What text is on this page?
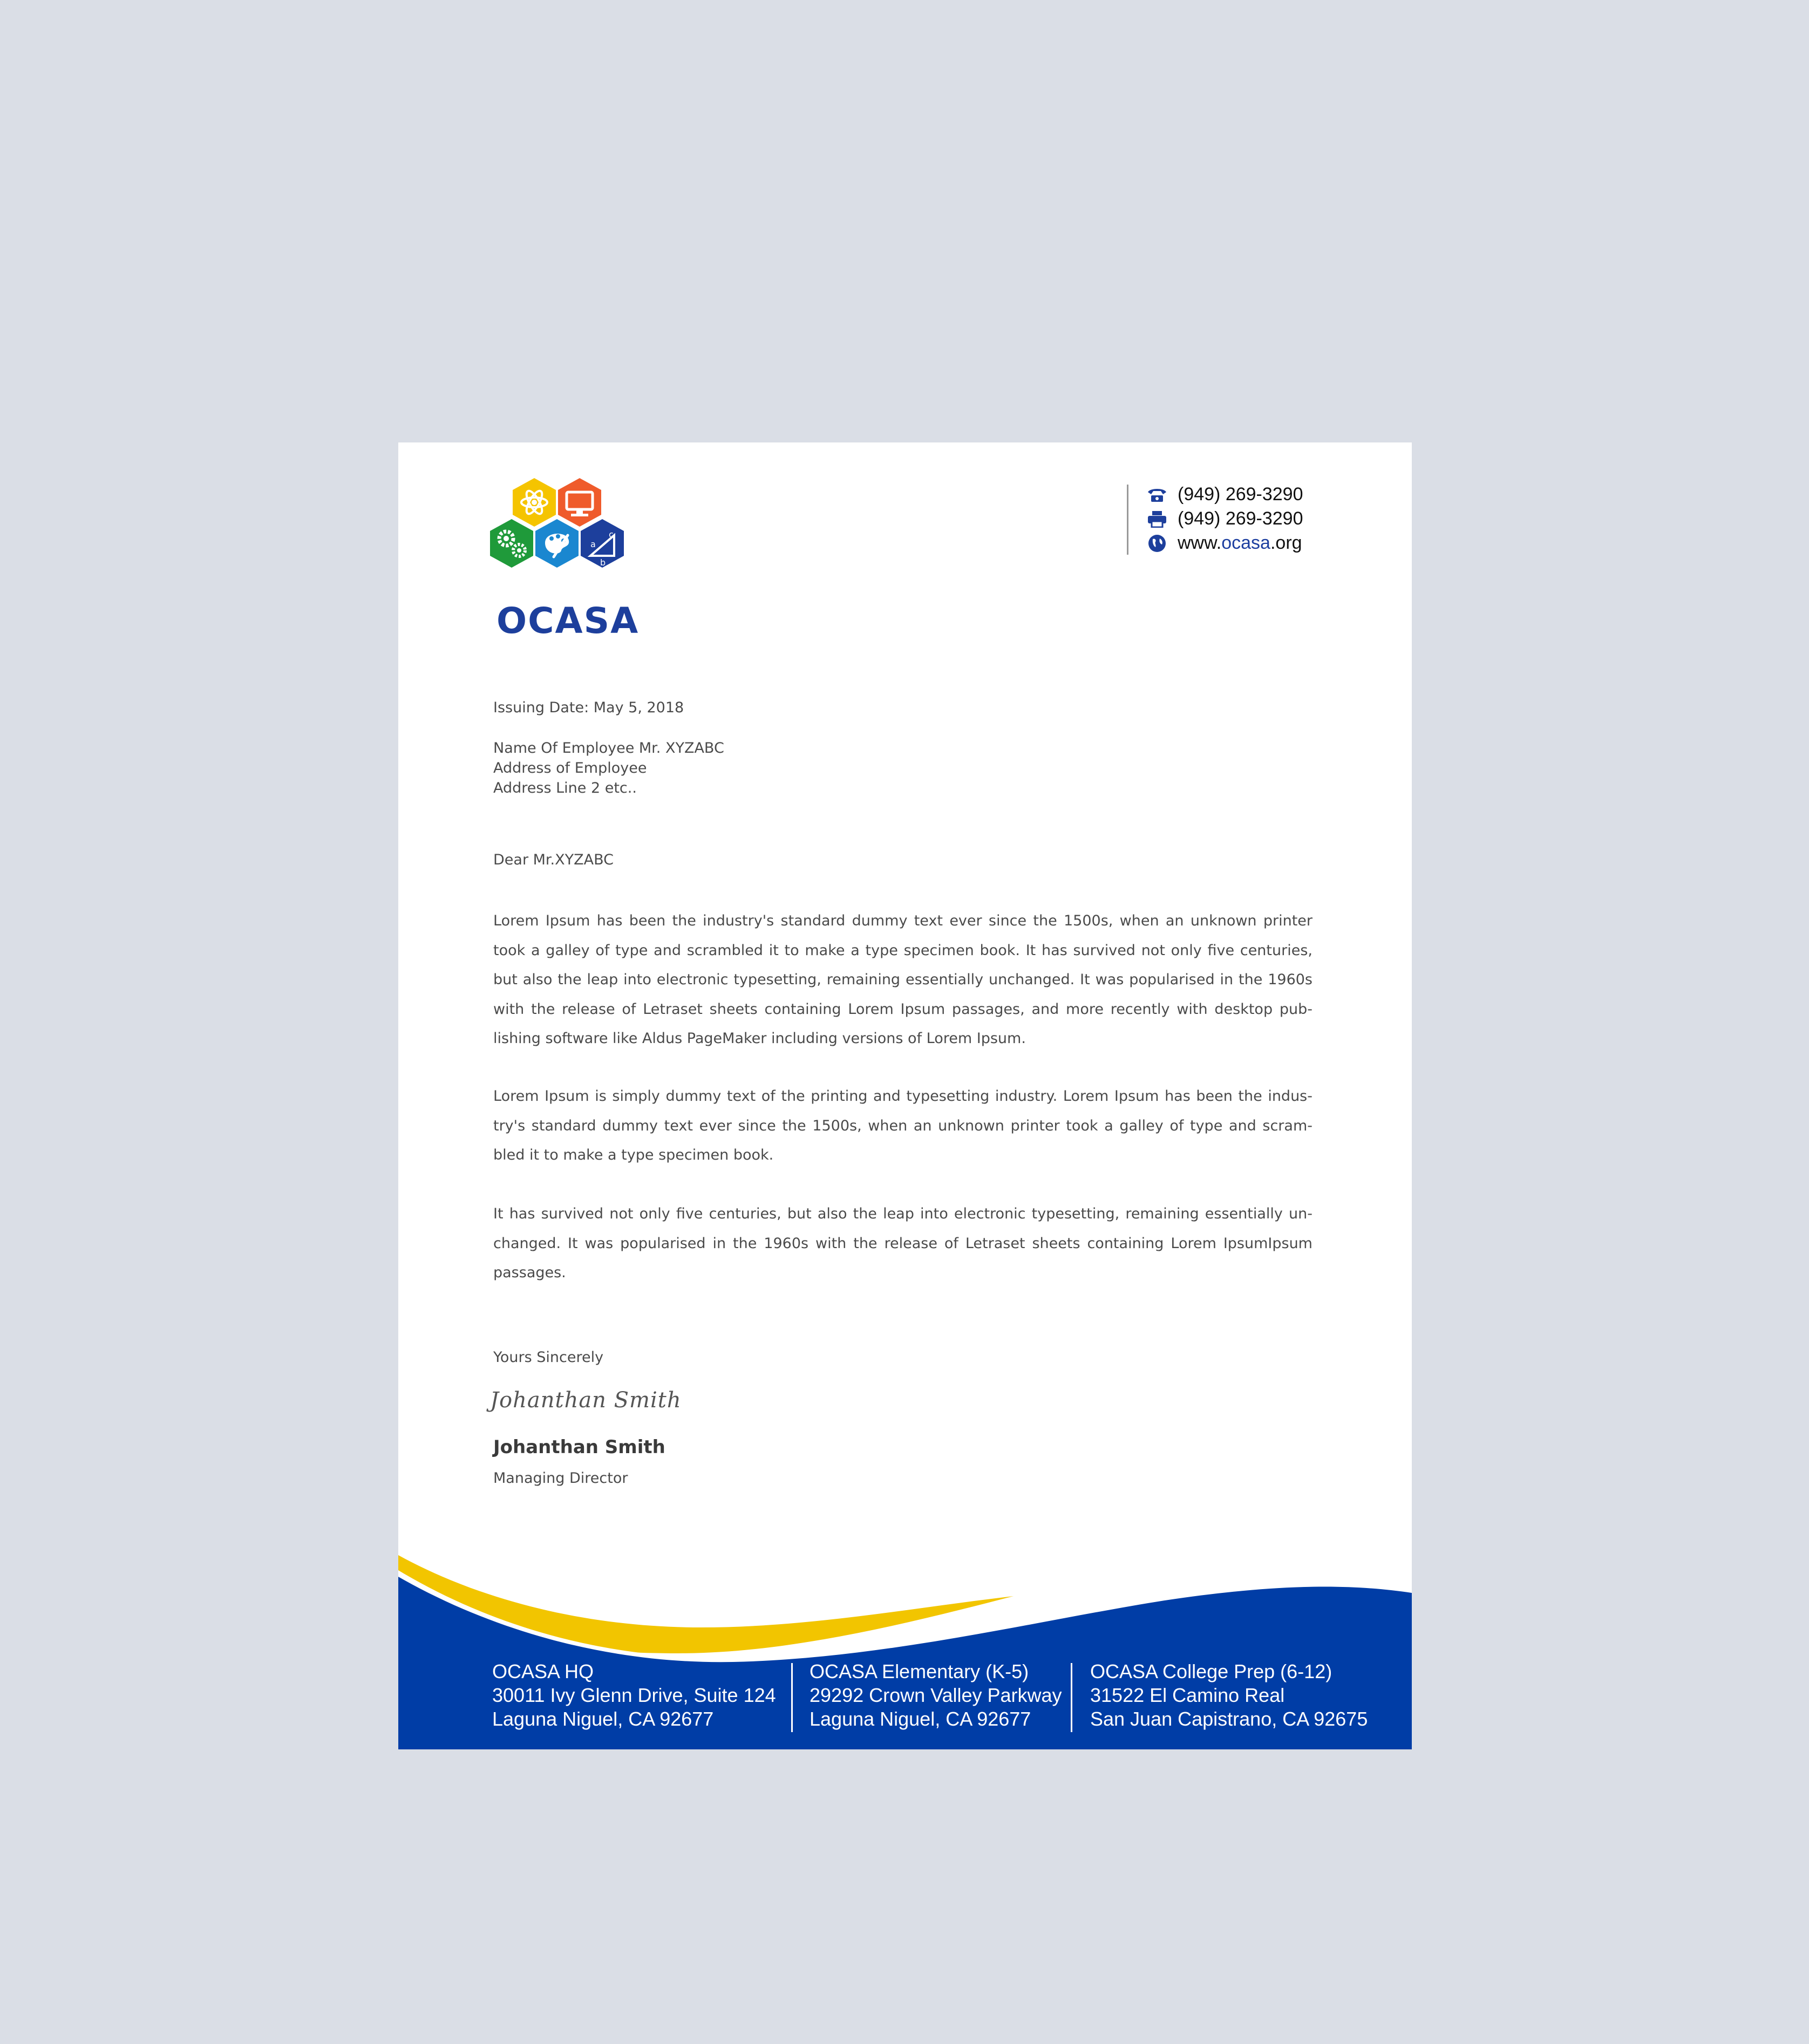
a
c
b
OCASA
(949) 269-3290
(949) 269-3290
www.ocasa.org
Issuing Date: May 5, 2018
Name Of Employee Mr. XYZABC
Address of Employee
Address Line 2 etc..
Dear Mr.XYZABC
Lorem Ipsum has been the industry's standard dummy text ever since the 1500s, when an unknown printer took a galley of type and scrambled it to make a type specimen book. It has survived not only five centuries, but also the leap into electronic typesetting, remaining essentially unchanged. It was popularised in the 1960s with the release of Letraset sheets containing Lorem Ipsum passages, and more recently with desktop pub-lishing software like Aldus PageMaker including versions of Lorem Ipsum.
Lorem Ipsum is simply dummy text of the printing and typesetting industry. Lorem Ipsum has been the indus-try's standard dummy text ever since the 1500s, when an unknown printer took a galley of type and scram-bled it to make a type specimen book.
It has survived not only five centuries, but also the leap into electronic typesetting, remaining essentially un-changed. It was popularised in the 1960s with the release of Letraset sheets containing Lorem IpsumIpsum passages.
Yours Sincerely
Johanthan Smith
Johanthan Smith
Managing Director
OCASA HQ
30011 Ivy Glenn Drive, Suite 124
Laguna Niguel, CA 92677
OCASA Elementary (K-5)
29292 Crown Valley Parkway
Laguna Niguel, CA 92677
OCASA College Prep (6-12)
31522 El Camino Real
San Juan Capistrano, CA 92675
